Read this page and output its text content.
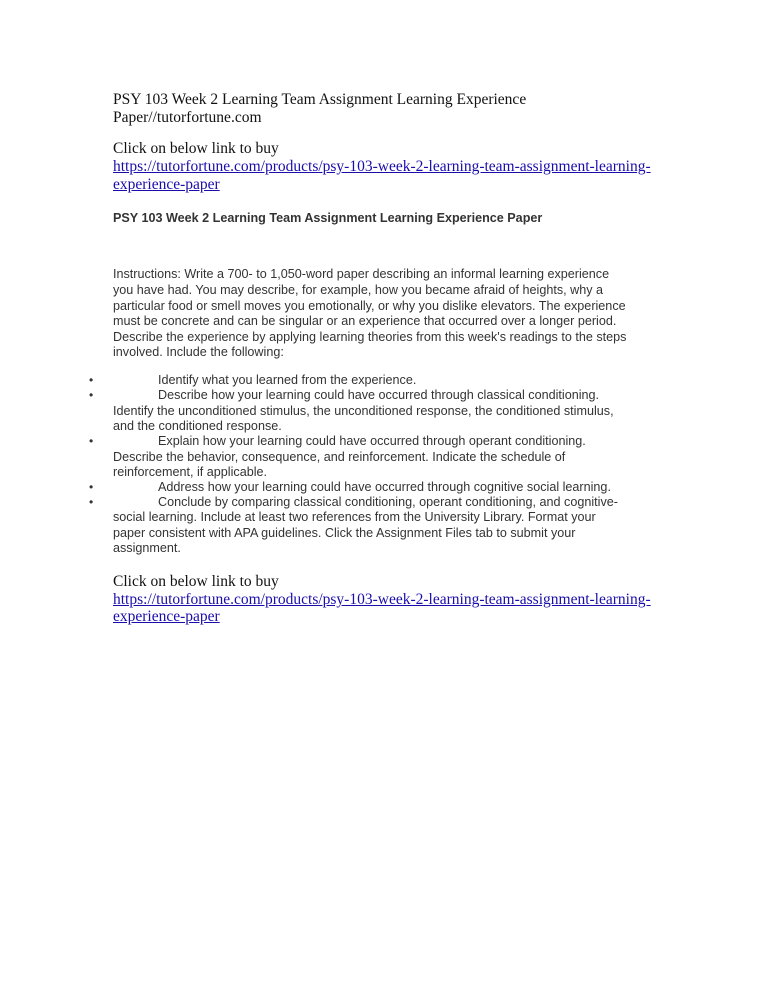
PSY 103 Week 2 Learning Team Assignment Learning Experience
Paper//tutorfortune.com
Click on below link to buy
https://tutorfortune.com/products/psy-103-week-2-learning-team-assignment-learning-
experience-paper
PSY 103 Week 2 Learning Team Assignment Learning Experience Paper
Instructions: Write a 700- to 1,050-word paper describing an informal learning experience
you have had. You may describe, for example, how you became afraid of heights, why a
particular food or smell moves you emotionally, or why you dislike elevators. The experience
must be concrete and can be singular or an experience that occurred over a longer period.
Describe the experience by applying learning theories from this week's readings to the steps
involved. Include the following:
•	Identify what you learned from the experience.
•	Describe how your learning could have occurred through classical conditioning.
Identify the unconditioned stimulus, the unconditioned response, the conditioned stimulus,
and the conditioned response.
•	Explain how your learning could have occurred through operant conditioning.
Describe the behavior, consequence, and reinforcement. Indicate the schedule of
reinforcement, if applicable.
•	Address how your learning could have occurred through cognitive social learning.
•	Conclude by comparing classical conditioning, operant conditioning, and cognitive-
social learning. Include at least two references from the University Library. Format your
paper consistent with APA guidelines. Click the Assignment Files tab to submit your
assignment.
Click on below link to buy
https://tutorfortune.com/products/psy-103-week-2-learning-team-assignment-learning-
experience-paper
